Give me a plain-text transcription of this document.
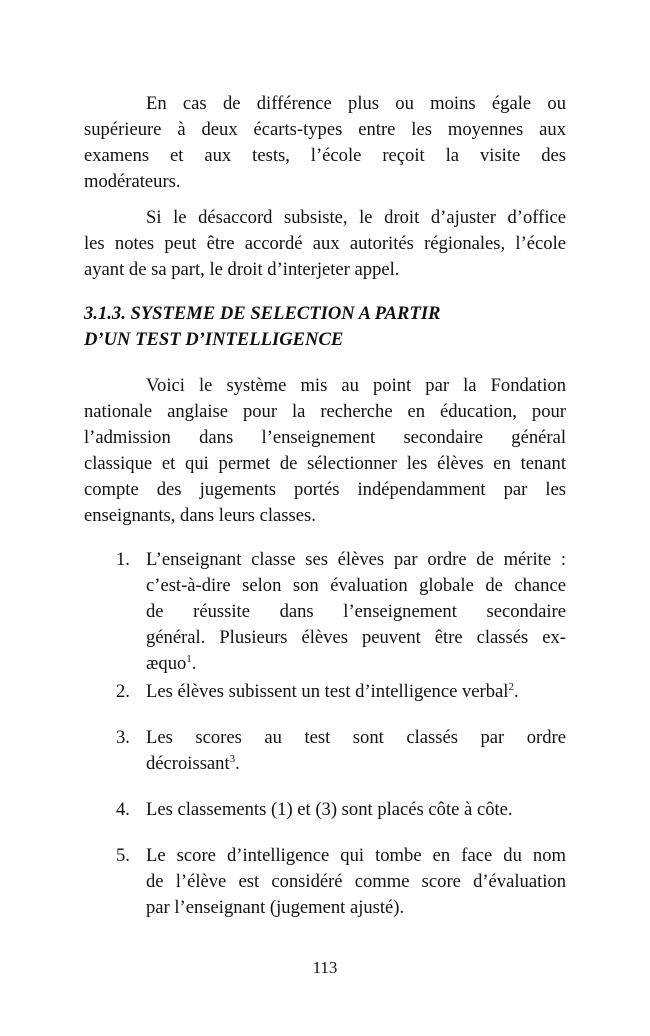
En cas de différence plus ou moins égale ou
supérieure à deux écarts-types entre les moyennes aux
examens et aux tests, l’école reçoit la visite des
modérateurs.
Si le désaccord subsiste, le droit d’ajuster d’office
les notes peut être accordé aux autorités régionales, l’école
ayant de sa part, le droit d’interjeter appel.
3.1.3. SYSTEME DE SELECTION A PARTIR
D’UN TEST D’INTELLIGENCE
Voici le système mis au point par la Fondation
nationale anglaise pour la recherche en éducation, pour
l’admission dans l’enseignement secondaire général
classique et qui permet de sélectionner les élèves en tenant
compte des jugements portés indépendamment par les
enseignants, dans leurs classes.
1. L’enseignant classe ses élèves par ordre de mérite :
c’est-à-dire selon son évaluation globale de chance
de réussite dans l’enseignement secondaire
général. Plusieurs élèves peuvent être classés ex-
æquo$^1$.
2. Les élèves subissent un test d’intelligence verbal$^2$.
3. Les scores au test sont classés par ordre
décroissant$^3$.
4. Les classements (1) et (3) sont placés côte à côte.
5. Le score d’intelligence qui tombe en face du nom
de l’élève est considéré comme score d’évaluation
par l’enseignant (jugement ajusté).
113
